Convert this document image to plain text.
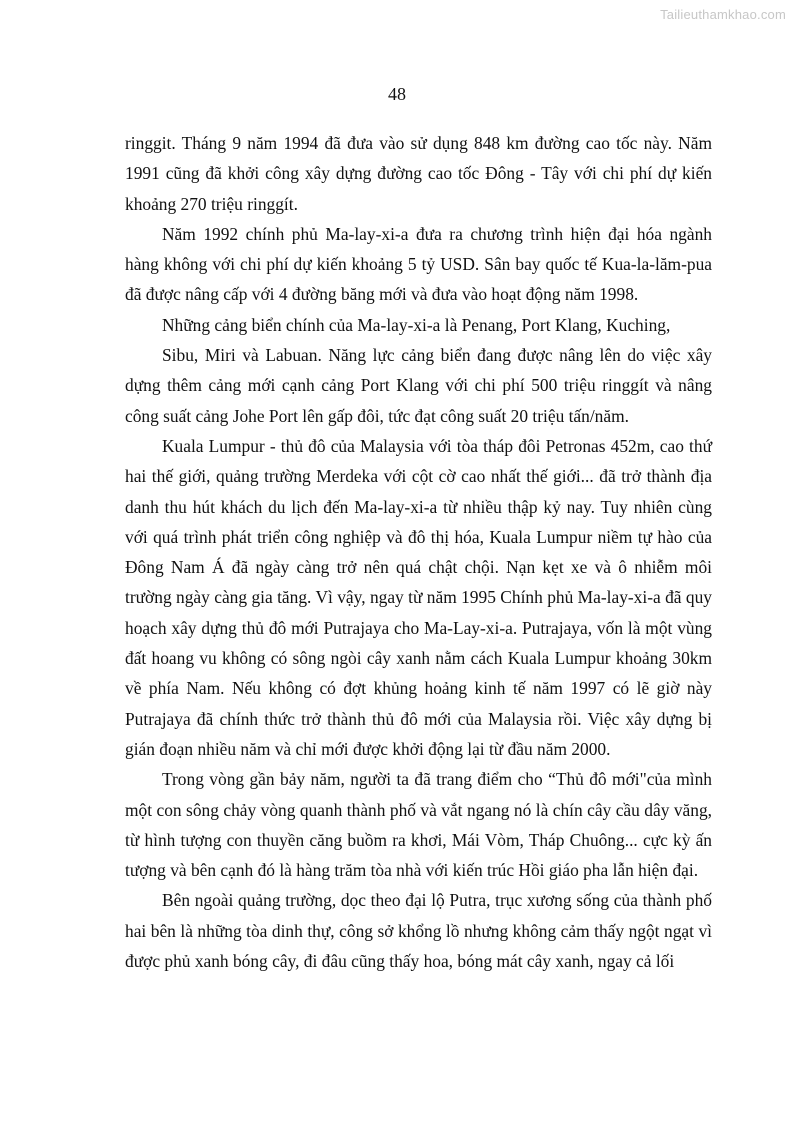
Tailieuthamkhao.com
48

ringgit. Tháng 9 năm 1994 đã đưa vào sử dụng 848 km đường cao tốc này. Năm 1991 cũng đã khởi công xây dựng đường cao tốc Đông - Tây với chi phí dự kiến khoảng 270 triệu ringgít.

Năm 1992 chính phủ Ma-lay-xi-a đưa ra chương trình hiện đại hóa ngành hàng không với chi phí dự kiến khoảng 5 tỷ USD. Sân bay quốc tế Kua-la-lăm-pua đã được nâng cấp với 4 đường băng mới và đưa vào hoạt động năm 1998.

Những cảng biển chính của Ma-lay-xi-a là Penang, Port Klang, Kuching,

Sibu, Miri và Labuan. Năng lực cảng biển đang được nâng lên do việc xây dựng thêm cảng mới cạnh cảng Port Klang với chi phí 500 triệu ringgít và nâng công suất cảng Johe Port lên gấp đôi, tức đạt công suất 20 triệu tấn/năm.

Kuala Lumpur - thủ đô của Malaysia với tòa tháp đôi Petronas 452m, cao thứ hai thế giới, quảng trường Merdeka với cột cờ cao nhất thế giới... đã trở thành địa danh thu hút khách du lịch đến Ma-lay-xi-a từ nhiều thập kỷ nay. Tuy nhiên cùng với quá trình phát triển công nghiệp và đô thị hóa, Kuala Lumpur niềm tự hào của Đông Nam Á đã ngày càng trở nên quá chật chội. Nạn kẹt xe và ô nhiễm môi trường ngày càng gia tăng. Vì vậy, ngay từ năm 1995 Chính phủ Ma-lay-xi-a đã quy hoạch xây dựng thủ đô mới Putrajaya cho Ma-Lay-xi-a. Putrajaya, vốn là một vùng đất hoang vu không có sông ngòi cây xanh nằm cách Kuala Lumpur khoảng 30km về phía Nam. Nếu không có đợt khủng hoảng kinh tế năm 1997 có lẽ giờ này Putrajaya đã chính thức trở thành thủ đô mới của Malaysia rồi. Việc xây dựng bị gián đoạn nhiều năm và chỉ mới được khởi động lại từ đầu năm 2000.

Trong vòng gần bảy năm, người ta đã trang điểm cho “Thủ đô mới"của mình một con sông chảy vòng quanh thành phố và vắt ngang nó là chín cây cầu dây văng, từ hình tượng con thuyền căng buồm ra khơi, Mái Vòm, Tháp Chuông... cực kỳ ấn tượng và bên cạnh đó là hàng trăm tòa nhà với kiến trúc Hồi giáo pha lẫn hiện đại.

Bên ngoài quảng trường, dọc theo đại lộ Putra, trục xương sống của thành phố hai bên là những tòa dinh thự, công sở khổng lồ nhưng không cảm thấy ngột ngạt vì được phủ xanh bóng cây, đi đâu cũng thấy hoa, bóng mát cây xanh, ngay cả lối
